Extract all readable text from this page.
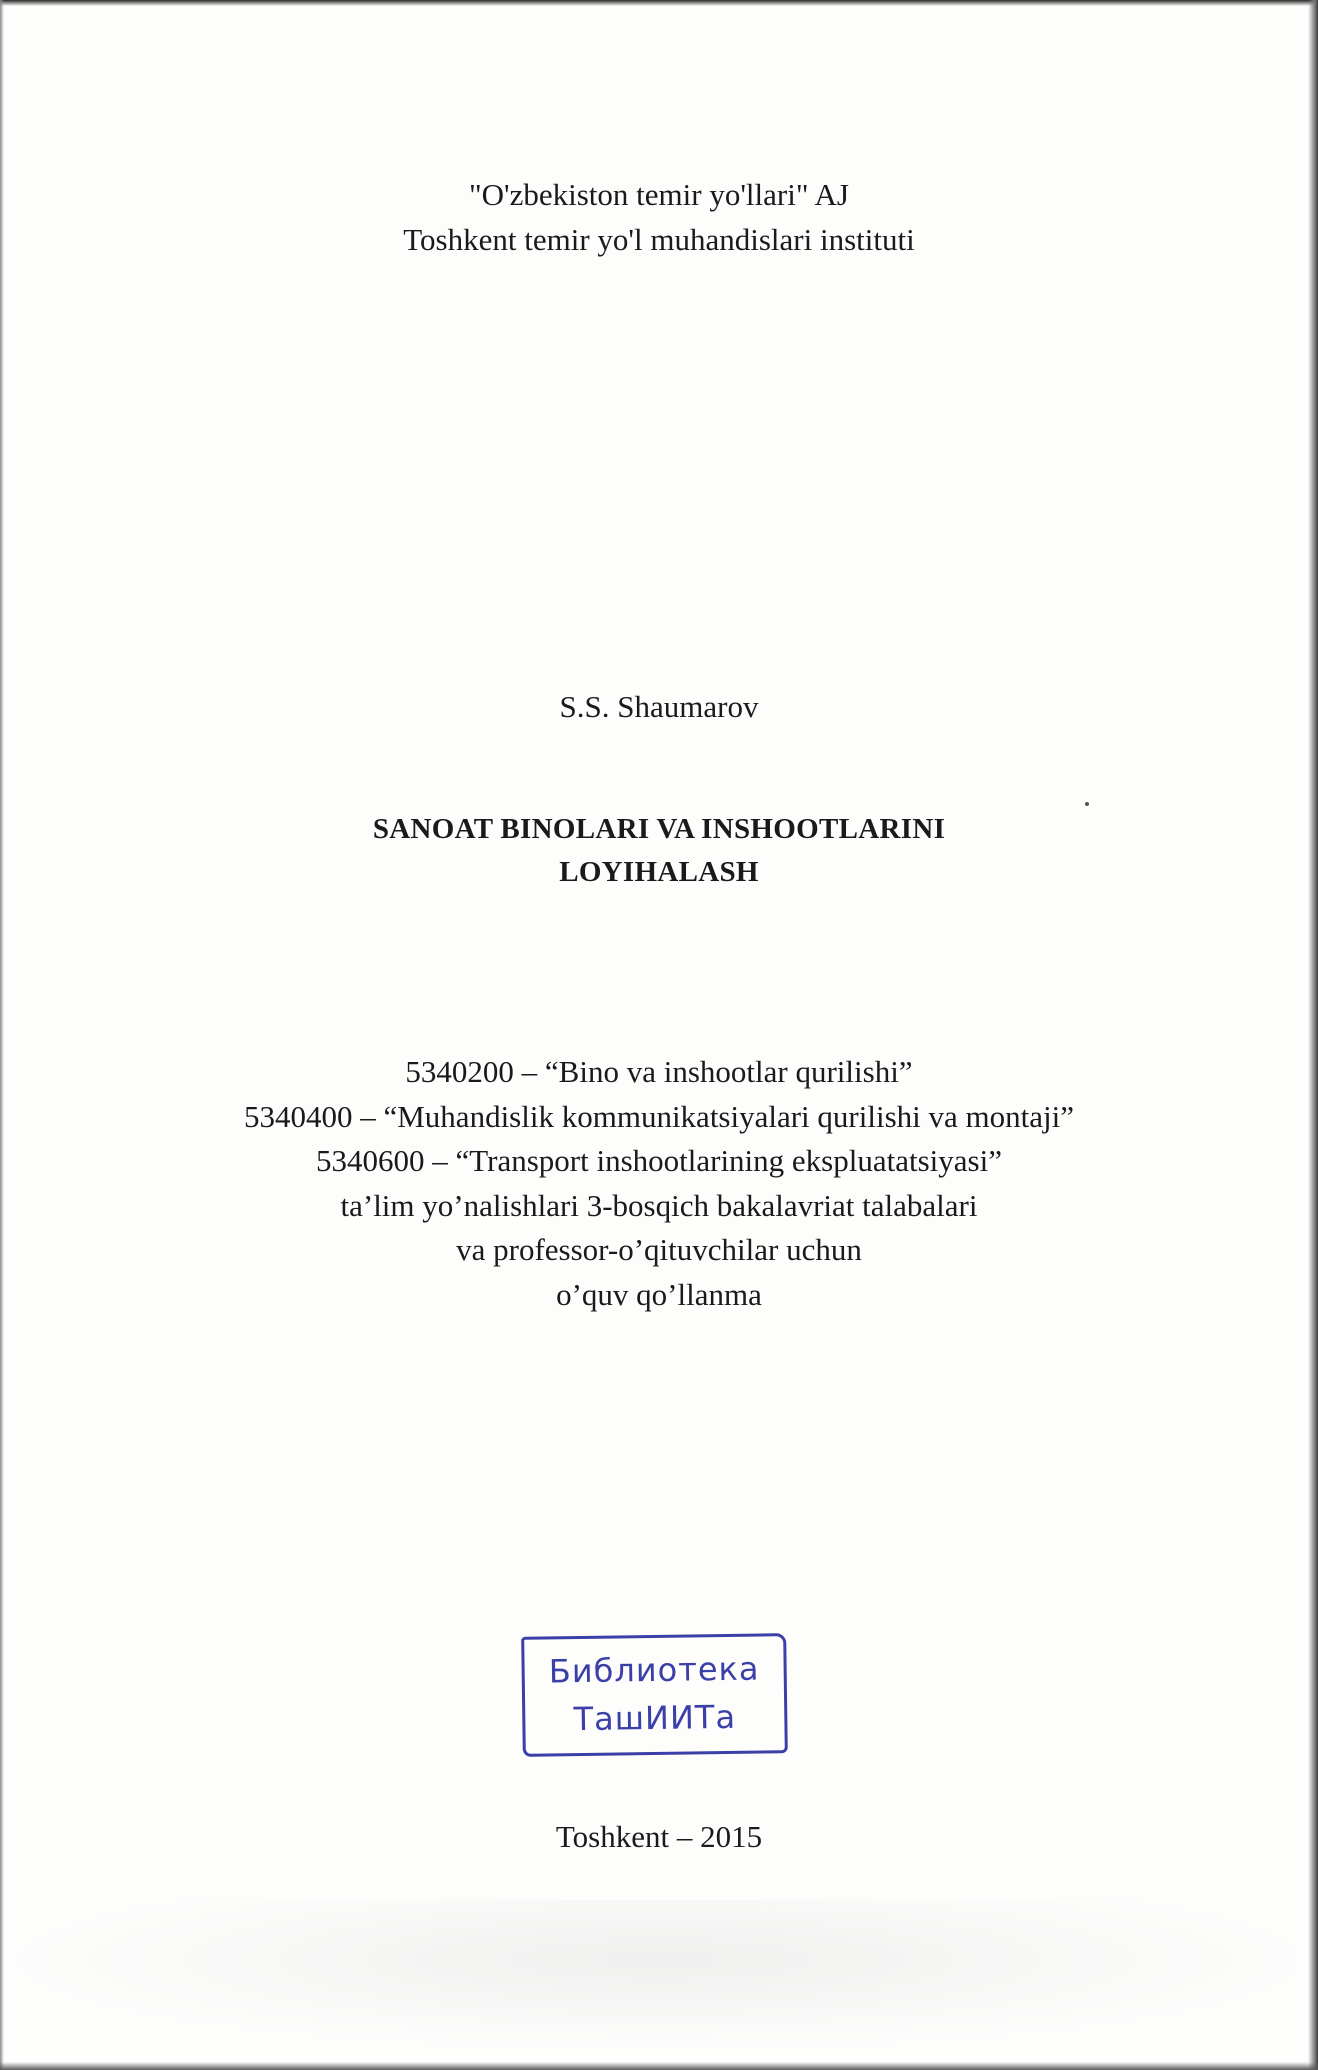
"O'zbekiston temir yo'llari" AJ
Toshkent temir yo'l muhandislari instituti
S.S. Shaumarov
SANOAT BINOLARI VA INSHOOTLARINI
LOYIHALASH
5340200 – “Bino va inshootlar qurilishi”
5340400 – “Muhandislik kommunikatsiyalari qurilishi va montaji”
5340600 – “Transport inshootlarining ekspluatatsiyasi”
ta’lim yo’nalishlari 3-bosqich bakalavriat talabalari
va professor-o’qituvchilar uchun
o’quv qo’llanma
Библиотека
ТашИИТа
Toshkent – 2015
